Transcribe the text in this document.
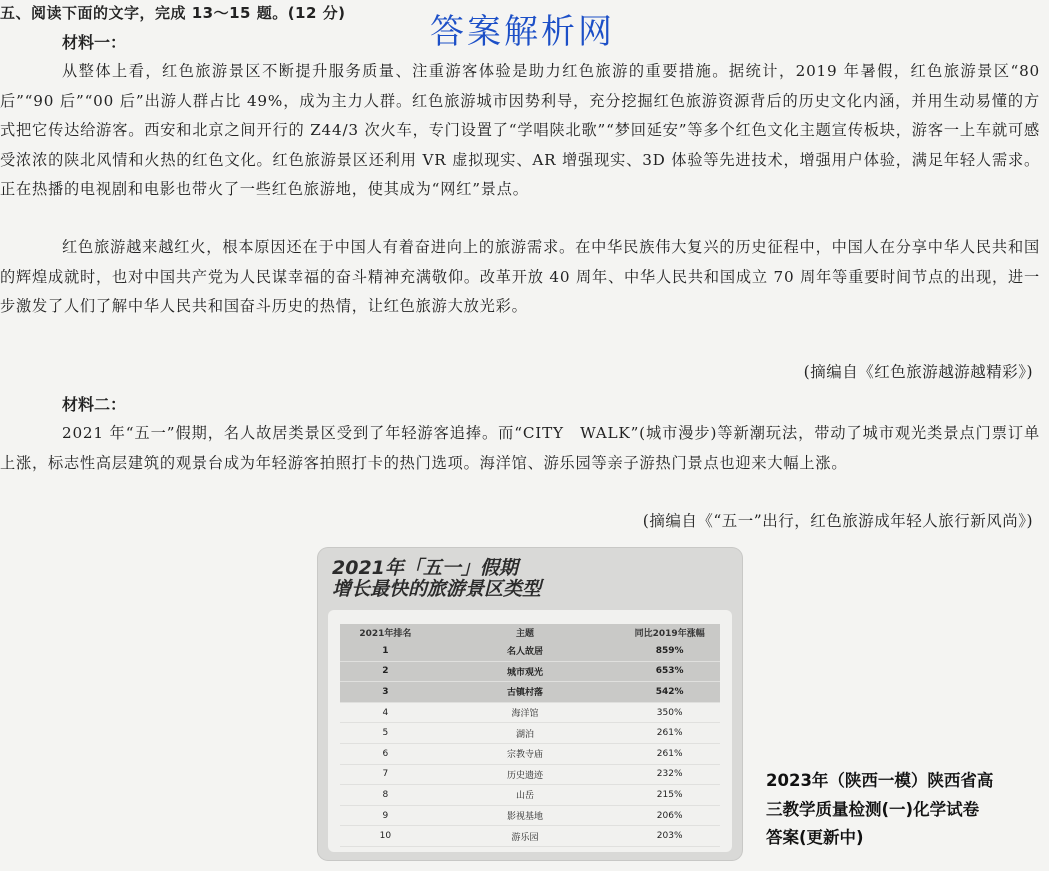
五、阅读下面的文字，完成 13～15 题。(12 分) 答案解析网
材料一：
从整体上看，红色旅游景区不断提升服务质量、注重游客体验是助力红色旅游的重要措施。据统计，2019 年暑假，红色旅游景区“80 后”“90 后”“00 后”出游人群占比 49%，成为主力人群。红色旅游城市因势利导，充分挖掘红色旅游资源背后的历史文化内涵，并用生动易懂的方式把它传达给游客。西安和北京之间开行的 Z44/3 次火车，专门设置了“学唱陕北歌”“梦回延安”等多个红色文化主题宣传板块，游客一上车就可感受浓浓的陕北风情和火热的红色文化。红色旅游景区还利用 VR 虚拟现实、AR 增强现实、3D 体验等先进技术，增强用户体验，满足年轻人需求。正在热播的电视剧和电影也带火了一些红色旅游地，使其成为“网红”景点。
红色旅游越来越红火，根本原因还在于中国人有着奋进向上的旅游需求。在中华民族伟大复兴的历史征程中，中国人在分享中华人民共和国的辉煌成就时，也对中国共产党为人民谋幸福的奋斗精神充满敬仰。改革开放 40 周年、中华人民共和国成立 70 周年等重要时间节点的出现，进一步激发了人们了解中华人民共和国奋斗历史的热情，让红色旅游大放光彩。
(摘编自《红色旅游越游越精彩》)
材料二：
2021 年“五一”假期，名人故居类景区受到了年轻游客追捧。而“CITY　WALK”(城市漫步)等新潮玩法，带动了城市观光类景点门票订单上涨，标志性高层建筑的观景台成为年轻游客拍照打卡的热门选项。海洋馆、游乐园等亲子游热门景点也迎来大幅上涨。
(摘编自《“五一”出行，红色旅游成年轻人旅行新风尚》)
2021年「五一」假期
增长最快的旅游景区类型
2021年排名	主题	同比2019年涨幅
1	名人故居	859%
2	城市观光	653%
3	古镇村落	542%
4	海洋馆	350%
5	湖泊	261%
6	宗教寺庙	261%
7	历史遗迹	232%
8	山岳	215%
9	影视基地	206%
10	游乐园	203%
2023年（陕西一模）陕西省高
三教学质量检测(一)化学试卷
答案(更新中)
